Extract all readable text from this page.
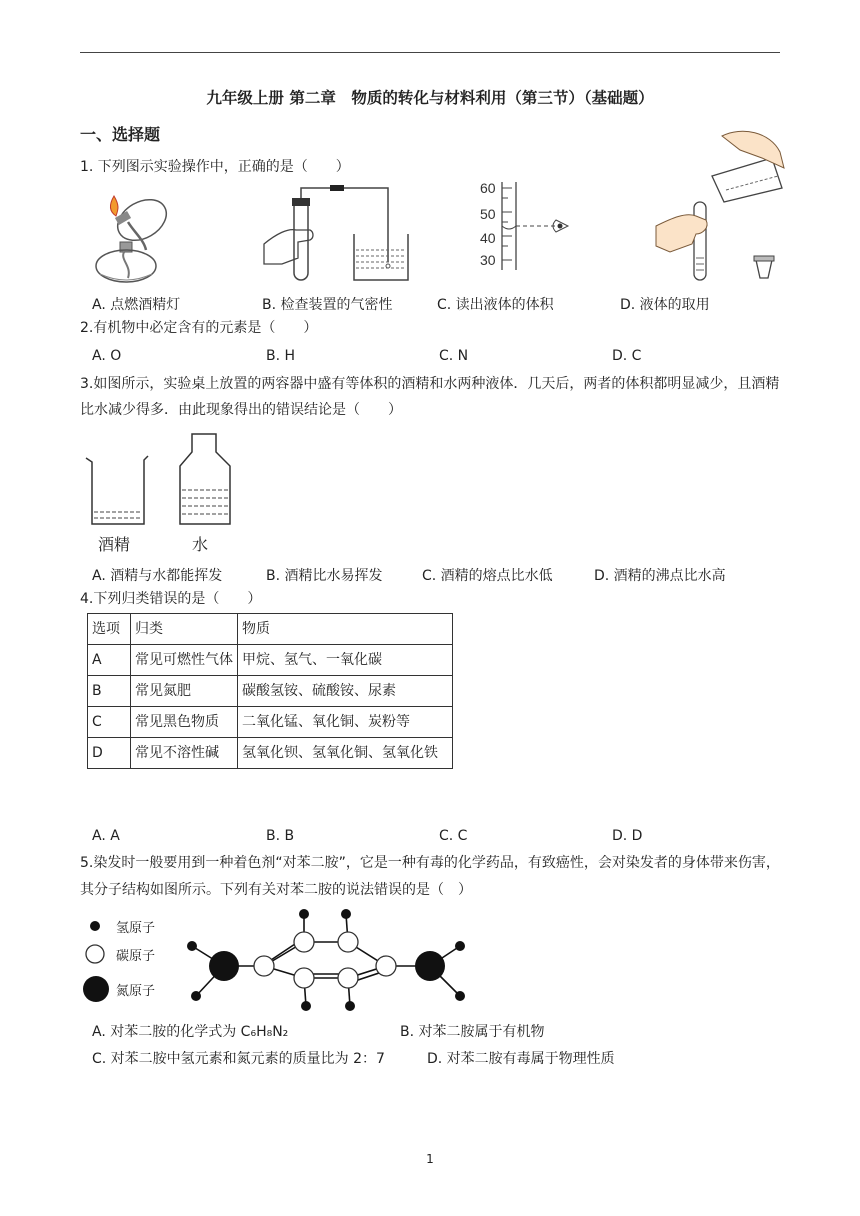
九年级上册 第二章　物质的转化与材料利用（第三节）（基础题）
一、选择题
1. 下列图示实验操作中，正确的是（　　）
60
50
40
30
A. 点燃酒精灯	B. 检查装置的气密性	C. 读出液体的体积	D. 液体的取用
2.有机物中必定含有的元素是（　　）
A. O	B. H	C. N	D. C
3.如图所示，实验桌上放置的两容器中盛有等体积的酒精和水两种液体．几天后，两者的体积都明显减少，且酒精比水减少得多．由此现象得出的错误结论是（　　）
酒精	水
A. 酒精与水都能挥发	B. 酒精比水易挥发	C. 酒精的熔点比水低	D. 酒精的沸点比水高
4.下列归类错误的是（　　）
选项	归类	物质
A	常见可燃性气体	甲烷、氢气、一氧化碳
B	常见氮肥	碳酸氢铵、硫酸铵、尿素
C	常见黑色物质	二氧化锰、氧化铜、炭粉等
D	常见不溶性碱	氢氧化钡、氢氧化铜、氢氧化铁
A. A	B. B	C. C	D. D
5.染发时一般要用到一种着色剂“对苯二胺”，它是一种有毒的化学药品，有致癌性，会对染发者的身体带来伤害，其分子结构如图所示。下列有关对苯二胺的说法错误的是（　）
氢原子
碳原子
氮原子
A. 对苯二胺的化学式为 C₆H₈N₂	B. 对苯二胺属于有机物
C. 对苯二胺中氢元素和氮元素的质量比为 2：7	D. 对苯二胺有毒属于物理性质
1
